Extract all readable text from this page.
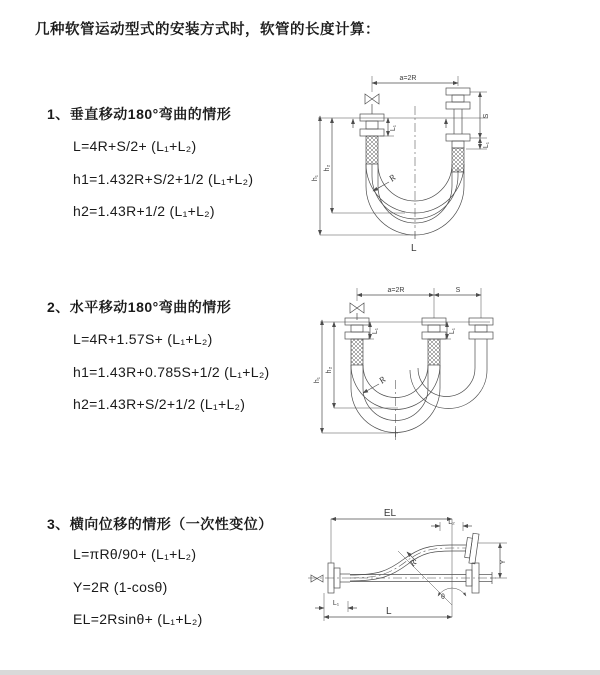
几种软管运动型式的安装方式时，软管的长度计算：
1、垂直移动180°弯曲的情形
L=4R+S/2+ (L₁+L₂)
h1=1.432R+S/2+1/2 (L₁+L₂)
h2=1.43R+1/2 (L₁+L₂)
2、水平移动180°弯曲的情形
L=4R+1.57S+ (L₁+L₂)
h1=1.43R+0.785S+1/2 (L₁+L₂)
h2=1.43R+S/2+1/2 (L₁+L₂)
3、横向位移的情形（一次性变位）
L=πRθ/90+ (L₁+L₂)
Y=2R (1-cosθ)
EL=2Rsinθ+ (L₁+L₂)
a=2R
h₁
h₂
L₁
S
L₁
R
L
a=2R	S
h₁
h₂
L₁	L₁
R
EL
L₂
Y
R
θ
L
L₁
